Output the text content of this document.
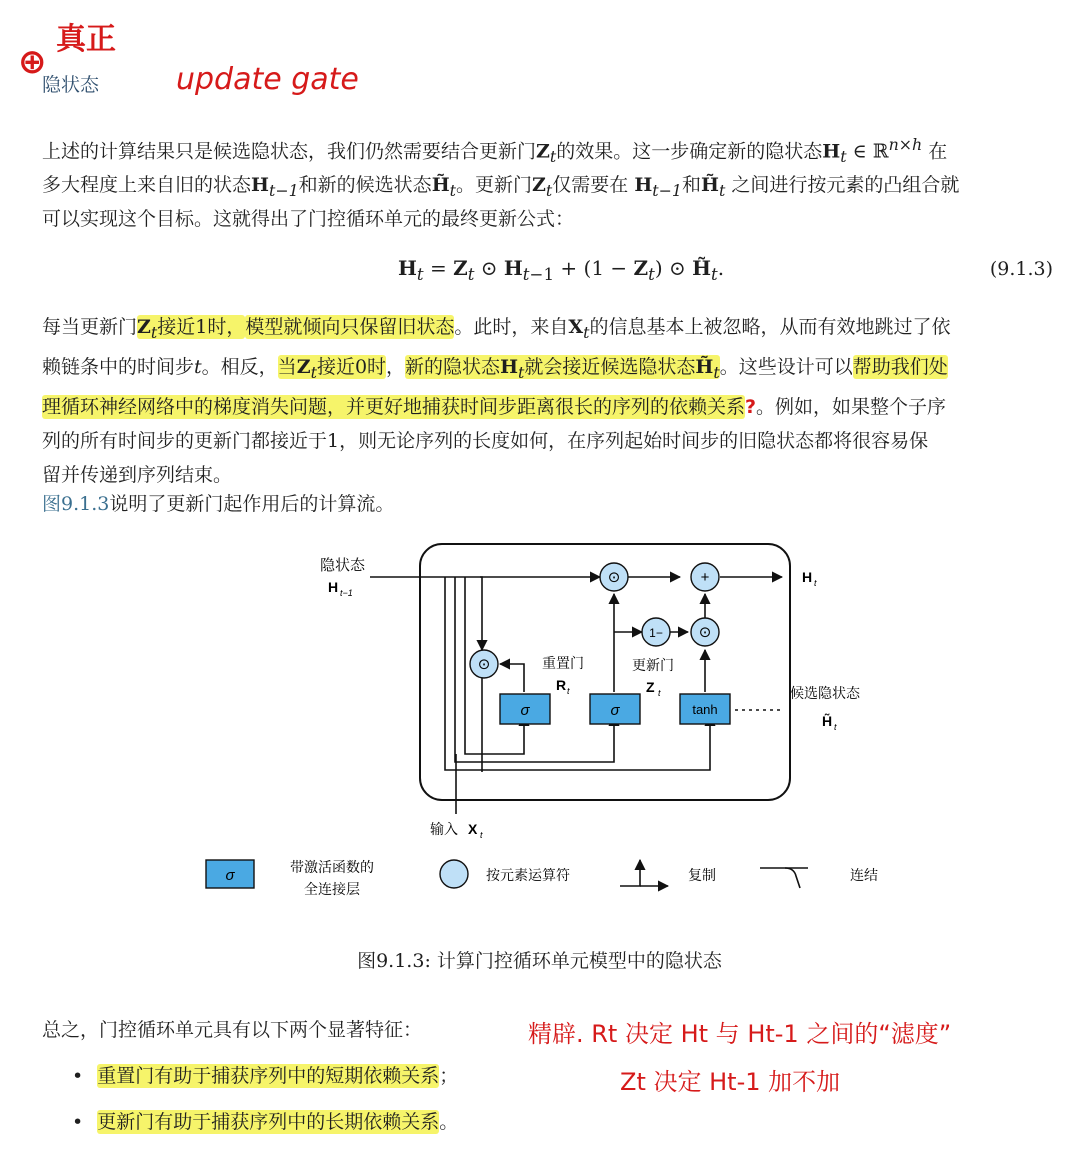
⊕
真正
update gate
隐状态
上述的计算结果只是候选隐状态，我们仍然需要结合更新门$Z_t$的效果。这一步确定新的隐状态$H_t$ ∈ ℝ$^{n\times h}$ 在
多大程度上来自旧的状态$H_{t-1}$和新的候选状态$H̃_t$。更新门$Z_t$仅需要在 $H_{t-1}$和$H̃_t$ 之间进行按元素的凸组合就
可以实现这个目标。这就得出了门控循环单元的最终更新公式：
$H_t = Z_t$ ⊙ $H_{t-1} + (1 - Z_t)$ ⊙ $H̃_t$.	(9.1.3)
每当更新门$Z_t$接近1时，模型就倾向只保留旧状态。此时，来自$X_t$的信息基本上被忽略，从而有效地跳过了依
赖链条中的时间步t。相反，当$Z_t$接近0时，新的隐状态$H_t$就会接近候选隐状态$H̃_t$。这些设计可以帮助我们处
理循环神经网络中的梯度消失问题，并更好地捕获时间步距离很长的序列的依赖关系?。例如，如果整个子序
列的所有时间步的更新门都接近于1，则无论序列的长度如何，在序列起始时间步的旧隐状态都将很容易保
留并传递到序列结束。
图9.1.3说明了更新门起作用后的计算流。
隐状态
H t−1
H t
输入 X t
⊙
⊙	+
1− ⊙
σ	σ	tanh
重置门
R t
更新门
Z t	候选隐状态
H̃ t
σ	带激活函数的
全连接层
按元素运算符	复制	连结
图9.1.3: 计算门控循环单元模型中的隐状态
总之，门控循环单元具有以下两个显著特征：
• 重置门有助于捕获序列中的短期依赖关系；
• 更新门有助于捕获序列中的长期依赖关系。
精辟. Rt 决定 Ht 与 Ht-1 之间的“滤度”
Zt 决定 Ht-1 加不加
